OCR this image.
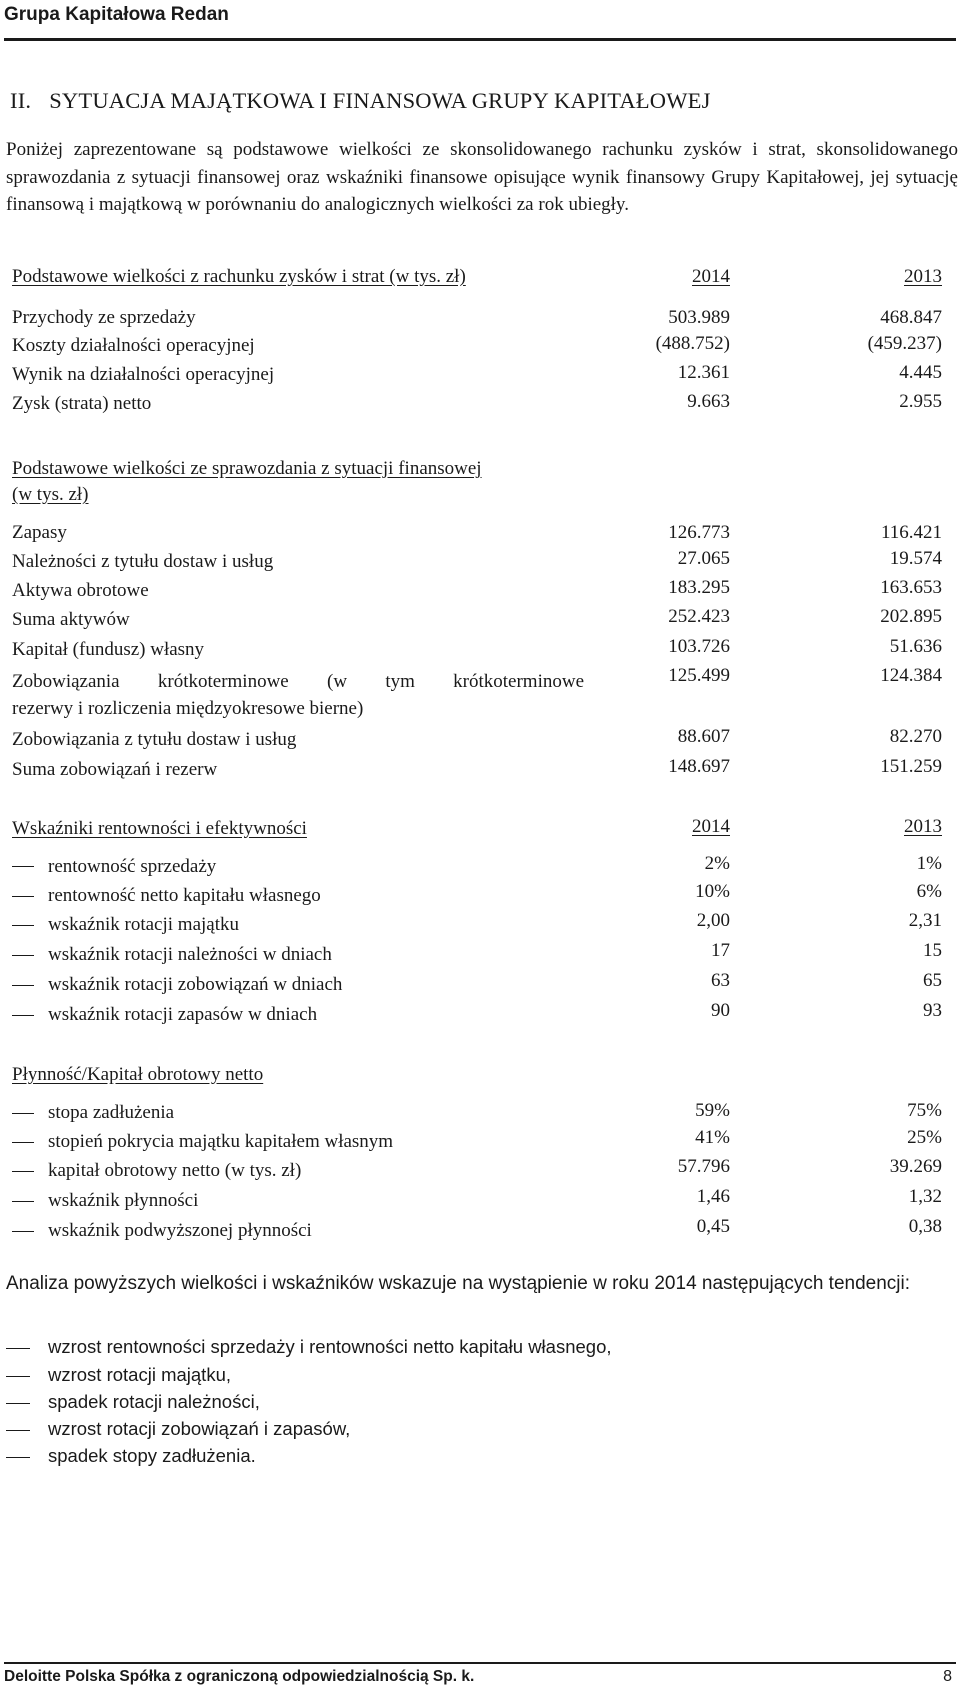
Grupa Kapitałowa Redan
II. SYTUACJA MAJĄTKOWA I FINANSOWA GRUPY KAPITAŁOWEJ
Poniżej zaprezentowane są podstawowe wielkości ze skonsolidowanego rachunku zysków i strat, skonsolidowanego sprawozdania z sytuacji finansowej oraz wskaźniki finansowe opisujące wynik finansowy Grupy Kapitałowej, jej sytuację finansową i majątkową w porównaniu do analogicznych wielkości za rok ubiegły.
Podstawowe wielkości z rachunku zysków i strat (w tys. zł)	2014	2013
Przychody ze sprzedaży	503.989	468.847
Koszty działalności operacyjnej	(488.752)	(459.237)
Wynik na działalności operacyjnej	12.361	4.445
Zysk (strata) netto	9.663	2.955
Podstawowe wielkości ze sprawozdania z sytuacji finansowej
(w tys. zł)
Zapasy	126.773	116.421
Należności z tytułu dostaw i usług	27.065	19.574
Aktywa obrotowe	183.295	163.653
Suma aktywów	252.423	202.895
Kapitał (fundusz) własny	103.726	51.636
Zobowiązania krótkoterminowe (w tym krótkoterminowe
rezerwy i rozliczenia międzyokresowe bierne)
125.499	124.384
Zobowiązania z tytułu dostaw i usług	88.607	82.270
Suma zobowiązań i rezerw	148.697	151.259
Wskaźniki rentowności i efektywności	2014	2013
rentowność sprzedaży	2%	1%
rentowność netto kapitału własnego	10%	6%
wskaźnik rotacji majątku	2,00	2,31
wskaźnik rotacji należności w dniach	17	15
wskaźnik rotacji zobowiązań w dniach	63	65
wskaźnik rotacji zapasów w dniach	90	93
Płynność/Kapitał obrotowy netto
stopa zadłużenia	59%	75%
stopień pokrycia majątku kapitałem własnym	41%	25%
kapitał obrotowy netto (w tys. zł)	57.796	39.269
wskaźnik płynności	1,46	1,32
wskaźnik podwyższonej płynności	0,45	0,38
Analiza powyższych wielkości i wskaźników wskazuje na wystąpienie w roku 2014 następujących tendencji:
wzrost rentowności sprzedaży i rentowności netto kapitału własnego,
wzrost rotacji majątku,
spadek rotacji należności,
wzrost rotacji zobowiązań i zapasów,
spadek stopy zadłużenia.
Deloitte Polska Spółka z ograniczoną odpowiedzialnością Sp. k.	8
